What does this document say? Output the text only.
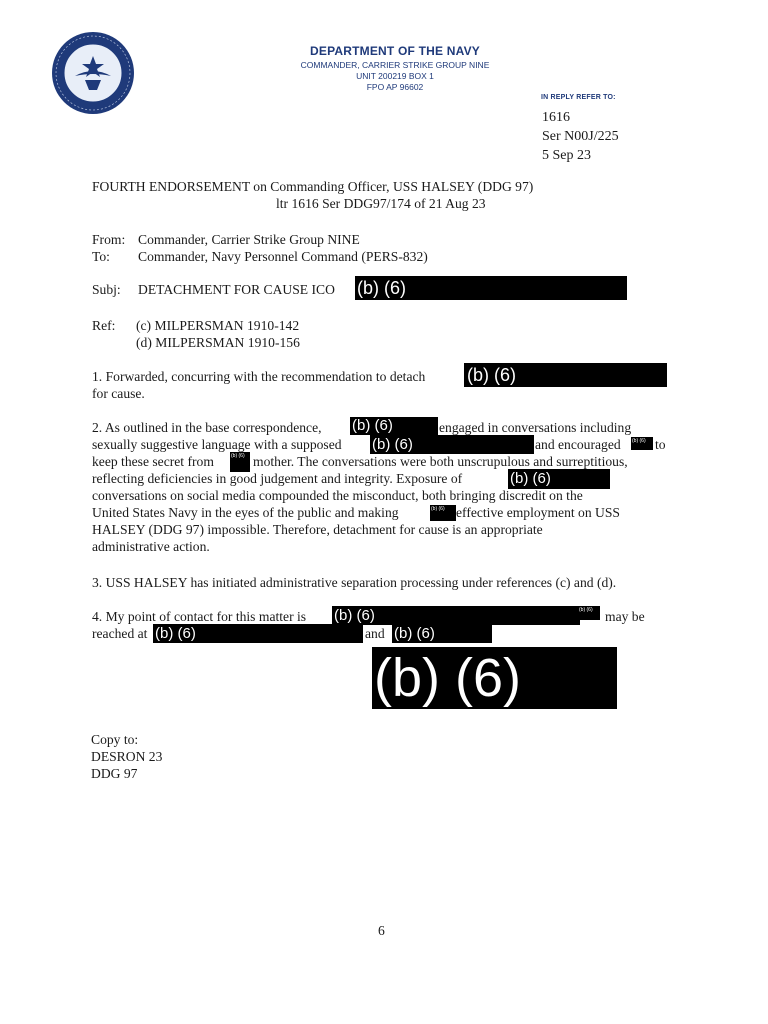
DEPARTMENT OF THE NAVY
COMMANDER, CARRIER STRIKE GROUP NINE
UNIT 200219 BOX 1
FPO AP 96602
IN REPLY REFER TO:
1616
Ser N00J/225
5 Sep 23
FOURTH ENDORSEMENT on Commanding Officer, USS HALSEY (DDG 97)
ltr 1616 Ser DDG97/174 of 21 Aug 23
From: Commander, Carrier Strike Group NINE
To: Commander, Navy Personnel Command (PERS-832)
Subj: DETACHMENT FOR CAUSE ICO (b) (6)
Ref: (c) MILPERSMAN 1910-142
(d) MILPERSMAN 1910-156
1. Forwarded, concurring with the recommendation to detach (b) (6)
for cause.
2. As outlined in the base correspondence, (b) (6)	engaged in conversations including
sexually suggestive language with a supposed (b) (6)	and encouraged (b) (6) to
keep these secret from	(b) (6) mother. The conversations were both unscrupulous and surreptitious,
reflecting deficiencies in good judgement and integrity. Exposure of	(b) (6)
conversations on social media compounded the misconduct, both bringing discredit on the
United States Navy in the eyes of the public and making	(b) (6) effective employment on USS
HALSEY (DDG 97) impossible. Therefore, detachment for cause is an appropriate
administrative action.
3. USS HALSEY has initiated administrative separation processing under references (c) and (d).
4. My point of contact for this matter is (b) (6)	(b) (6) may be
reached at (b) (6)	and (b) (6)
(b) (6)
Copy to:
DESRON 23
DDG 97
6
